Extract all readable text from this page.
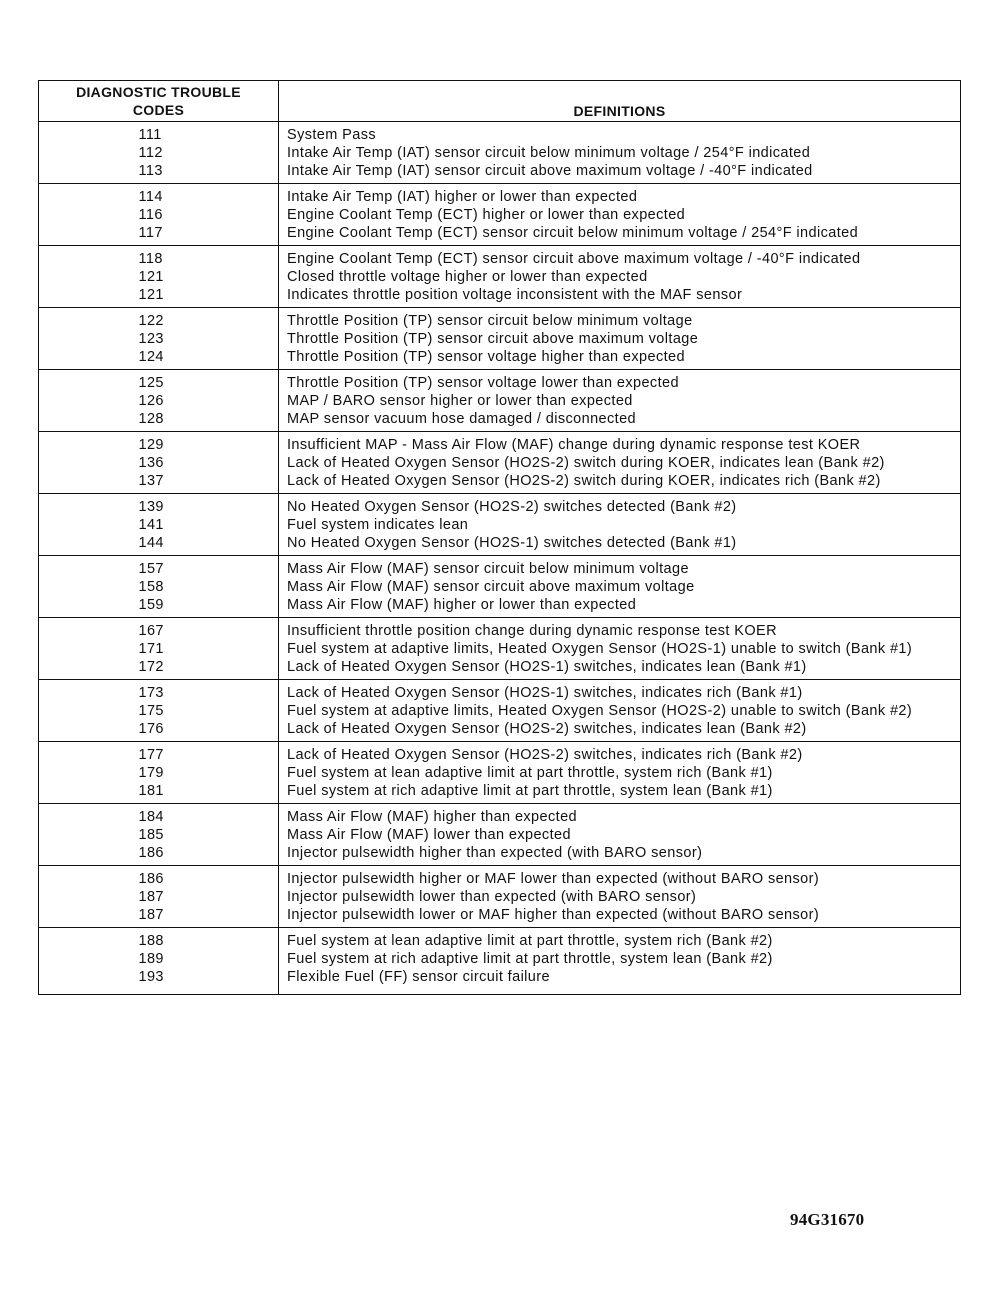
DIAGNOSTIC TROUBLE
CODES	DEFINITIONS
111	System Pass
112	Intake Air Temp (IAT) sensor circuit below minimum voltage / 254°F indicated
113	Intake Air Temp (IAT) sensor circuit above maximum voltage / -40°F indicated
114	Intake Air Temp (IAT) higher or lower than expected
116	Engine Coolant Temp (ECT) higher or lower than expected
117	Engine Coolant Temp (ECT) sensor circuit below minimum voltage / 254°F indicated
118	Engine Coolant Temp (ECT) sensor circuit above maximum voltage / -40°F indicated
121	Closed throttle voltage higher or lower than expected
121	Indicates throttle position voltage inconsistent with the MAF sensor
122	Throttle Position (TP) sensor circuit below minimum voltage
123	Throttle Position (TP) sensor circuit above maximum voltage
124	Throttle Position (TP) sensor voltage higher than expected
125	Throttle Position (TP) sensor voltage lower than expected
126	MAP / BARO sensor higher or lower than expected
128	MAP sensor vacuum hose damaged / disconnected
129	Insufficient MAP - Mass Air Flow (MAF) change during dynamic response test KOER
136	Lack of Heated Oxygen Sensor (HO2S-2) switch during KOER, indicates lean (Bank #2)
137	Lack of Heated Oxygen Sensor (HO2S-2) switch during KOER, indicates rich (Bank #2)
139	No Heated Oxygen Sensor (HO2S-2) switches detected (Bank #2)
141	Fuel system indicates lean
144	No Heated Oxygen Sensor (HO2S-1) switches detected (Bank #1)
157	Mass Air Flow (MAF) sensor circuit below minimum voltage
158	Mass Air Flow (MAF) sensor circuit above maximum voltage
159	Mass Air Flow (MAF) higher or lower than expected
167	Insufficient throttle position change during dynamic response test KOER
171	Fuel system at adaptive limits, Heated Oxygen Sensor (HO2S-1) unable to switch (Bank #1)
172	Lack of Heated Oxygen Sensor (HO2S-1) switches, indicates lean (Bank #1)
173	Lack of Heated Oxygen Sensor (HO2S-1) switches, indicates rich (Bank #1)
175	Fuel system at adaptive limits, Heated Oxygen Sensor (HO2S-2) unable to switch (Bank #2)
176	Lack of Heated Oxygen Sensor (HO2S-2) switches, indicates lean (Bank #2)
177	Lack of Heated Oxygen Sensor (HO2S-2) switches, indicates rich (Bank #2)
179	Fuel system at lean adaptive limit at part throttle, system rich (Bank #1)
181	Fuel system at rich adaptive limit at part throttle, system lean (Bank #1)
184	Mass Air Flow (MAF) higher than expected
185	Mass Air Flow (MAF) lower than expected
186	Injector pulsewidth higher than expected (with BARO sensor)
186	Injector pulsewidth higher or MAF lower than expected (without BARO sensor)
187	Injector pulsewidth lower than expected (with BARO sensor)
187	Injector pulsewidth lower or MAF higher than expected (without BARO sensor)
188	Fuel system at lean adaptive limit at part throttle, system rich (Bank #2)
189	Fuel system at rich adaptive limit at part throttle, system lean (Bank #2)
193	Flexible Fuel (FF) sensor circuit failure
94G31670
